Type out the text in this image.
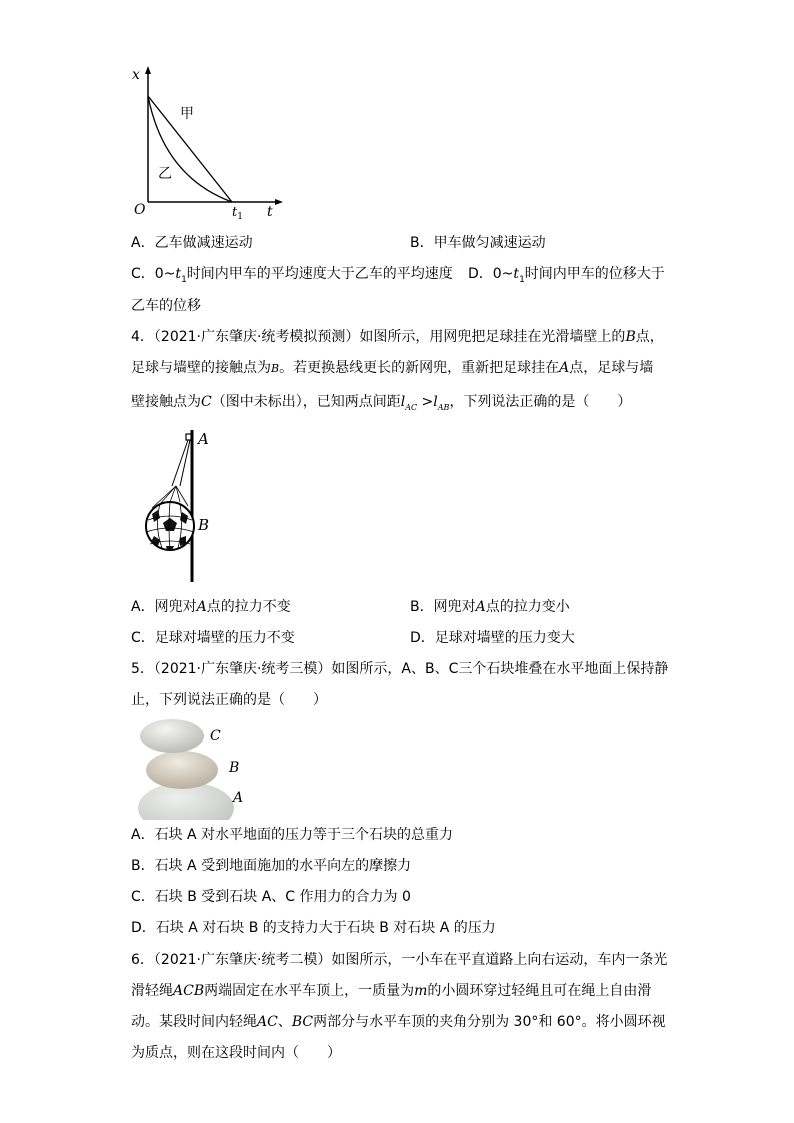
x
t
O	$t_1$
甲
乙
A．乙车做减速运动	B．甲车做匀减速运动
C．$0\sim t_1$时间内甲车的平均速度大于乙车的平均速度 D．$0\sim t_1$时间内甲车的位移大于
乙车的位移
4．（2021·广东肇庆·统考模拟预测）如图所示，用网兜把足球挂在光滑墙壁上的B点，
足球与墙壁的接触点为B。若更换悬线更长的新网兜，重新把足球挂在A点，足球与墙
壁接触点为C（图中未标出），已知两点间距$l_{AC} >l_{AB}$，下列说法正确的是（　　）
A
B
A．网兜对A点的拉力不变	B．网兜对A点的拉力变小
C．足球对墙壁的压力不变	D．足球对墙壁的压力变大
5．（2021·广东肇庆·统考三模）如图所示，A、B、C三个石块堆叠在水平地面上保持静
止，下列说法正确的是（　　）
C
B
A
A．石块 A 对水平地面的压力等于三个石块的总重力
B．石块 A 受到地面施加的水平向左的摩擦力
C．石块 B 受到石块 A、C 作用力的合力为 0
D．石块 A 对石块 B 的支持力大于石块 B 对石块 A 的压力
6．（2021·广东肇庆·统考二模）如图所示，一小车在平直道路上向右运动，车内一条光
滑轻绳ACB两端固定在水平车顶上，一质量为m的小圆环穿过轻绳且可在绳上自由滑
动。某段时间内轻绳AC、BC两部分与水平车顶的夹角分别为 30°和 60°。将小圆环视
为质点，则在这段时间内（　　）
